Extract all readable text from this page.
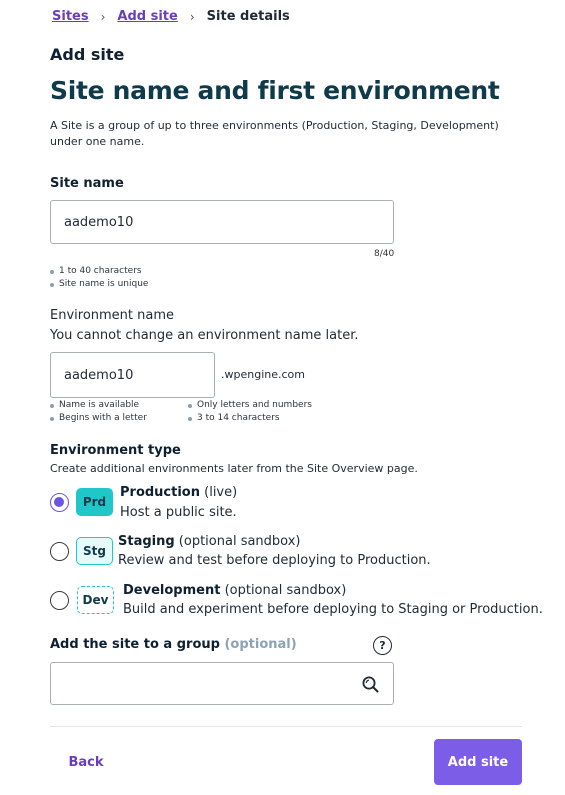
Sites › Add site › Site details
Add site
Site name and first environment

A Site is a group of up to three environments (Production, Staging, Development) under one name.

Site name
aademo10
8/40
1 to 40 characters
Site name is unique
Environment name
You cannot change an environment name later.
aademo10	.wpengine.com
Name is available
Begins with a letter
Only letters and numbers
3 to 14 characters
Environment type
Create additional environments later from the Site Overview page.
Prd
Production (live)
Host a public site.
Stg
Staging (optional sandbox)
Review and test before deploying to Production.
Dev
Development (optional sandbox)
Build and experiment before deploying to Staging or Production.
Add the site to a group (optional)	?
Back	Add site
